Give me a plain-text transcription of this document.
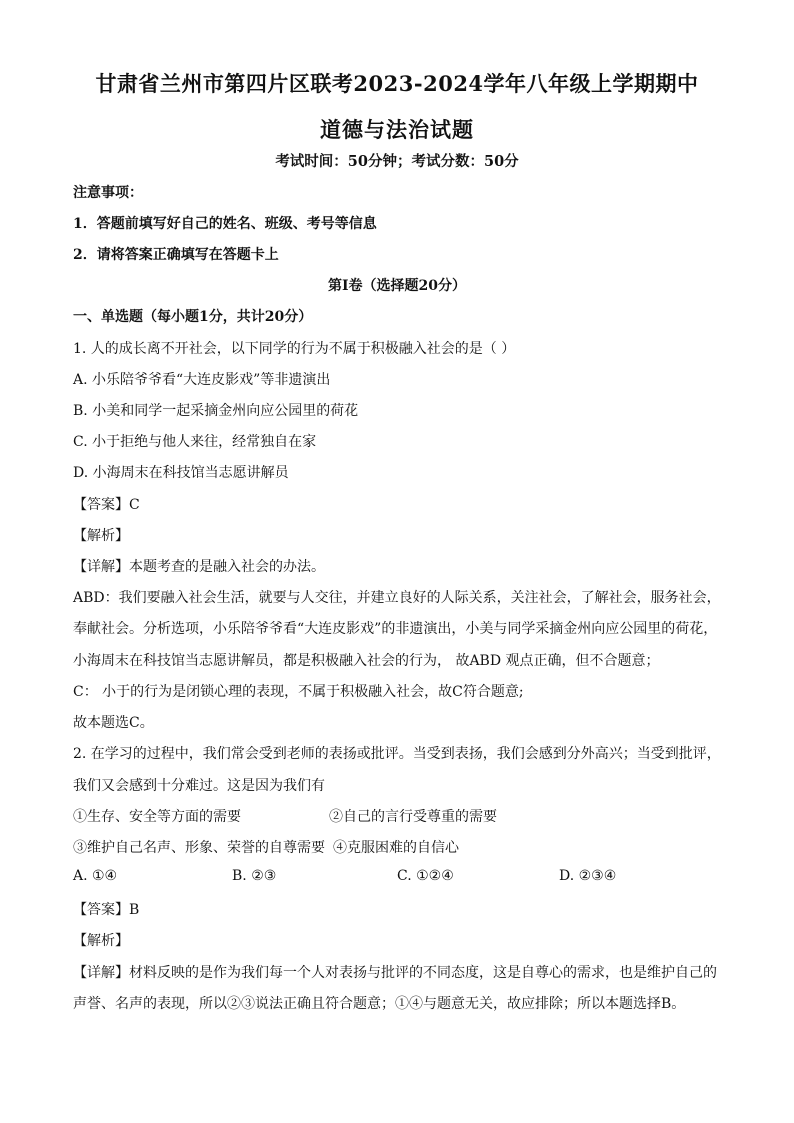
甘肃省兰州市第四片区联考2023-2024学年八年级上学期期中
道德与法治试题
考试时间：50分钟；考试分数：50分
注意事项：
1．答题前填写好自己的姓名、班级、考号等信息
2．请将答案正确填写在答题卡上
第I卷（选择题20分）
一、单选题（每小题1分，共计20分）
1. 人的成长离不开社会，以下同学的行为不属于积极融入社会的是（ ）
A. 小乐陪爷爷看“大连皮影戏”等非遗演出
B. 小美和同学一起采摘金州向应公园里的荷花
C. 小于拒绝与他人来往，经常独自在家
D. 小海周末在科技馆当志愿讲解员
【答案】C
【解析】
【详解】本题考查的是融入社会的办法。
ABD：我们要融入社会生活，就要与人交往，并建立良好的人际关系，关注社会，了解社会，服务社会，
奉献社会。分析选项，小乐陪爷爷看“大连皮影戏”的非遗演出，小美与同学采摘金州向应公园里的荷花，
小海周末在科技馆当志愿讲解员，都是积极融入社会的行为， 故ABD 观点正确，但不合题意；
C： 小于的行为是闭锁心理的表现，不属于积极融入社会，故C符合题意;
故本题选C。
2. 在学习的过程中，我们常会受到老师的表扬或批评。当受到表扬，我们会感到分外高兴；当受到批评，
我们又会感到十分难过。这是因为我们有
①生存、安全等方面的需要	②自己的言行受尊重的需要
③维护自己名声、形象、荣誉的自尊需要 ④克服困难的自信心
A. ①④	B. ②③	C. ①②④	D. ②③④
【答案】B
【解析】
【详解】材料反映的是作为我们每一个人对表扬与批评的不同态度，这是自尊心的需求，也是维护自己的
声誉、名声的表现，所以②③说法正确且符合题意；①④与题意无关，故应排除；所以本题选择B。
